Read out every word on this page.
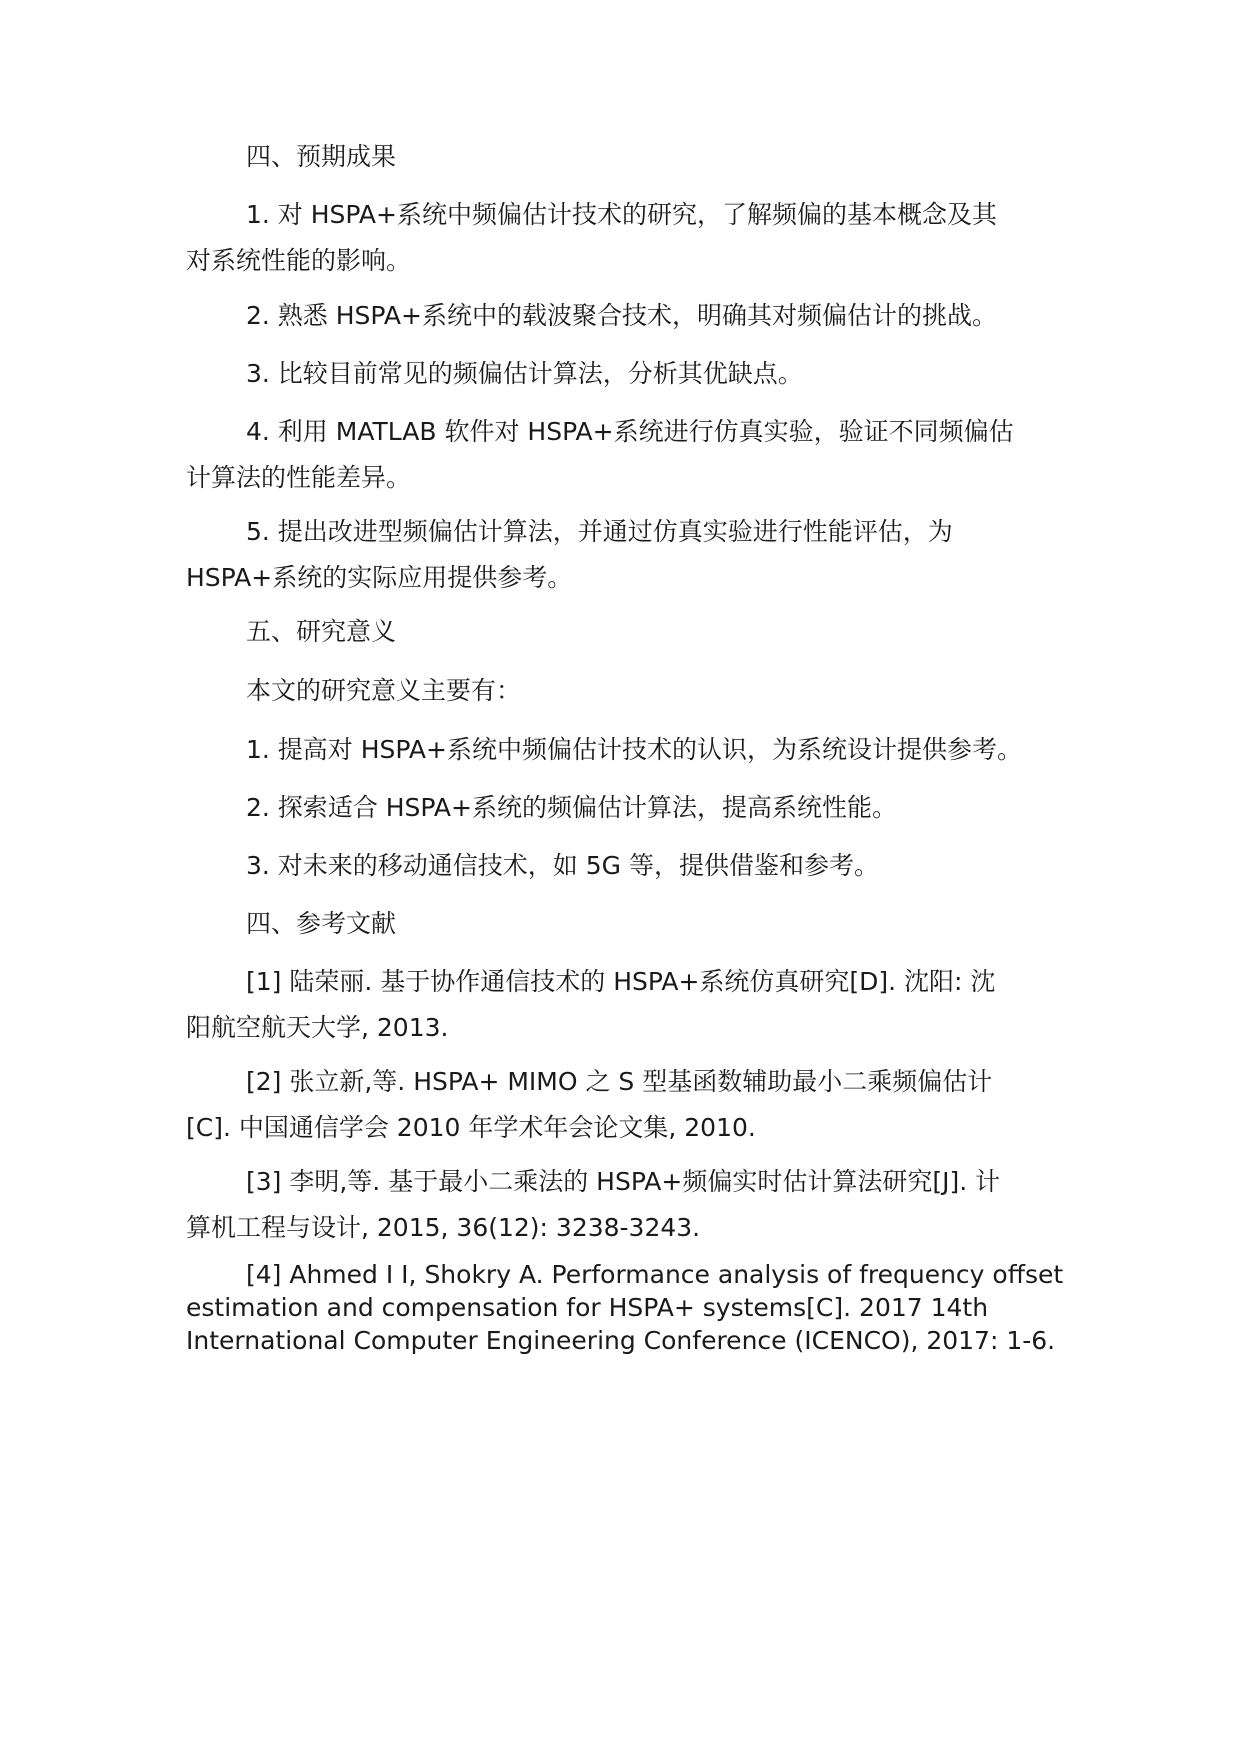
四、预期成果
1. 对 HSPA+系统中频偏估计技术的研究，了解频偏的基本概念及其
对系统性能的影响。
2. 熟悉 HSPA+系统中的载波聚合技术，明确其对频偏估计的挑战。
3. 比较目前常见的频偏估计算法，分析其优缺点。
4. 利用 MATLAB 软件对 HSPA+系统进行仿真实验，验证不同频偏估
计算法的性能差异。
5. 提出改进型频偏估计算法，并通过仿真实验进行性能评估，为
HSPA+系统的实际应用提供参考。
五、研究意义
本文的研究意义主要有：
1. 提高对 HSPA+系统中频偏估计技术的认识，为系统设计提供参考。
2. 探索适合 HSPA+系统的频偏估计算法，提高系统性能。
3. 对未来的移动通信技术，如 5G 等，提供借鉴和参考。
四、参考文献
[1] 陆荣丽. 基于协作通信技术的 HSPA+系统仿真研究[D]. 沈阳: 沈
阳航空航天大学, 2013.
[2] 张立新,等. HSPA+ MIMO 之 S 型基函数辅助最小二乘频偏估计
[C]. 中国通信学会 2010 年学术年会论文集, 2010.
[3] 李明,等. 基于最小二乘法的 HSPA+频偏实时估计算法研究[J]. 计
算机工程与设计, 2015, 36(12): 3238-3243.
[4] Ahmed I I, Shokry A. Performance analysis of frequency offset
estimation and compensation for HSPA+ systems[C]. 2017 14th
International Computer Engineering Conference (ICENCO), 2017: 1-6.
